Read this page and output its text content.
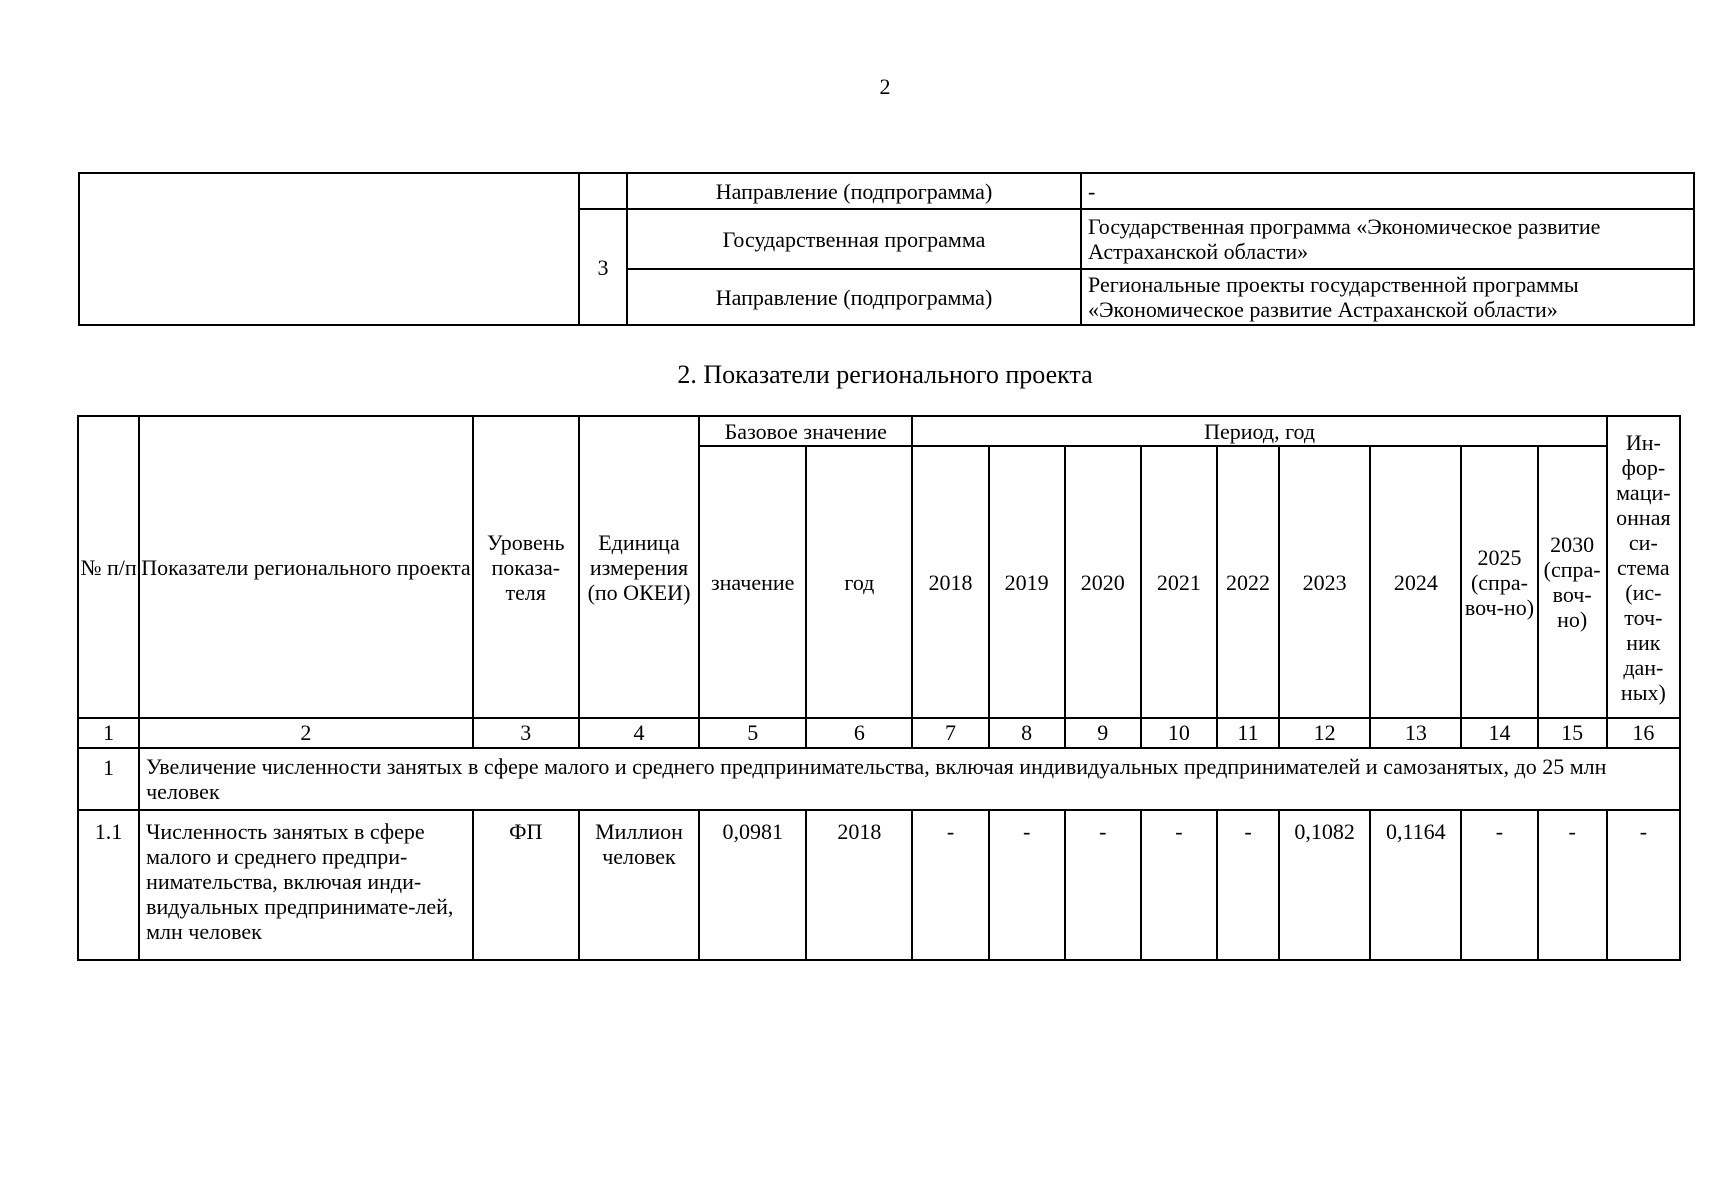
2
		Направление (подпрограмма)	-
	3	Государственная программа	Государственная программа «Экономическое развитие Астраханской области»
		Направление (подпрограмма)	Региональные проекты государственной программы «Экономическое развитие Астраханской области»
2. Показатели регионального проекта
№ п/п	Показатели регионального проекта	Уровень показа-теля	Единица измерения (по ОКЕИ)	Базовое значение		Период, год									Ин-фор-маци-онная си-стема (ис-точ-ник дан-ных)
				значение	год	2018	2019	2020	2021	2022	2023	2024	2025 (спра-воч-но)	2030 (спра-воч-но)	
1	2	3	4	5	6	7	8	9	10	11	12	13	14	15	16
1	Увеличение численности занятых в сфере малого и среднего предпринимательства, включая индивидуальных предпринимателей и самозанятых, до 25 млн человек														
1.1	Численность занятых в сфере малого и среднего предпри-нимательства, включая инди-видуальных предпринимате-лей, млн человек	ФП	Миллион человек	0,0981	2018	-	-	-	-	-	0,1082	0,1164	-	-	-
